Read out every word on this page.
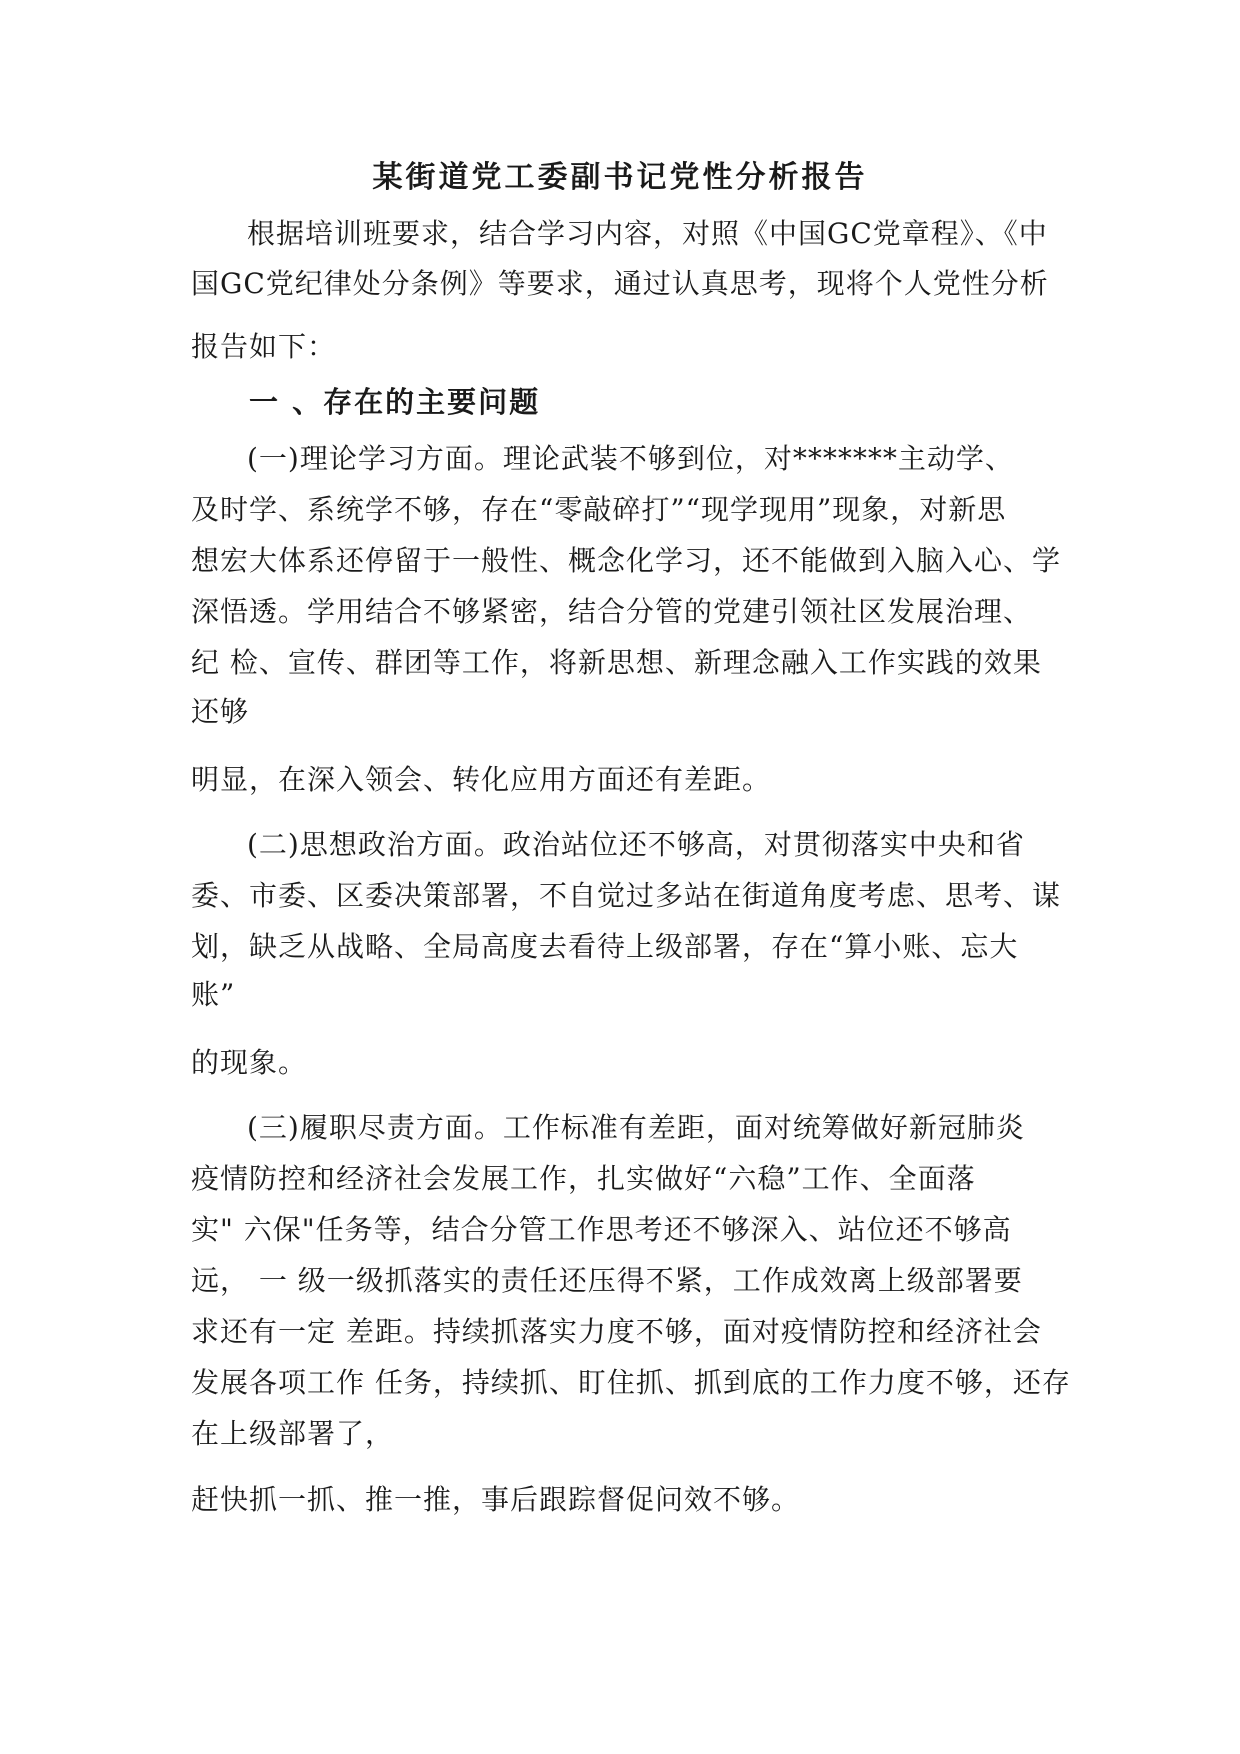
某街道党工委副书记党性分析报告
根据培训班要求，结合学习内容，对照《中国GC党章程》、《中
国GC党纪律处分条例》等要求，通过认真思考，现将个人党性分析
报告如下：
一 、存在的主要问题
(一)理论学习方面。理论武装不够到位，对*******主动学、
及时学、系统学不够，存在“零敲碎打”“现学现用”现象，对新思
想宏大体系还停留于一般性、概念化学习，还不能做到入脑入心、学
深悟透。学用结合不够紧密，结合分管的党建引领社区发展治理、
纪 检、宣传、群团等工作，将新思想、新理念融入工作实践的效果
还够
明显，在深入领会、转化应用方面还有差距。
(二)思想政治方面。政治站位还不够高，对贯彻落实中央和省
委、市委、区委决策部署，不自觉过多站在街道角度考虑、思考、谋
划，缺乏从战略、全局高度去看待上级部署，存在“算小账、忘大
账”
的现象。
(三)履职尽责方面。工作标准有差距，面对统筹做好新冠肺炎
疫情防控和经济社会发展工作，扎实做好“六稳”工作、全面落
实" 六保"任务等，结合分管工作思考还不够深入、站位还不够高
远， 一 级一级抓落实的责任还压得不紧，工作成效离上级部署要
求还有一定 差距。持续抓落实力度不够，面对疫情防控和经济社会
发展各项工作 任务，持续抓、盯住抓、抓到底的工作力度不够，还存
在上级部署了，
赶快抓一抓、推一推，事后跟踪督促问效不够。
